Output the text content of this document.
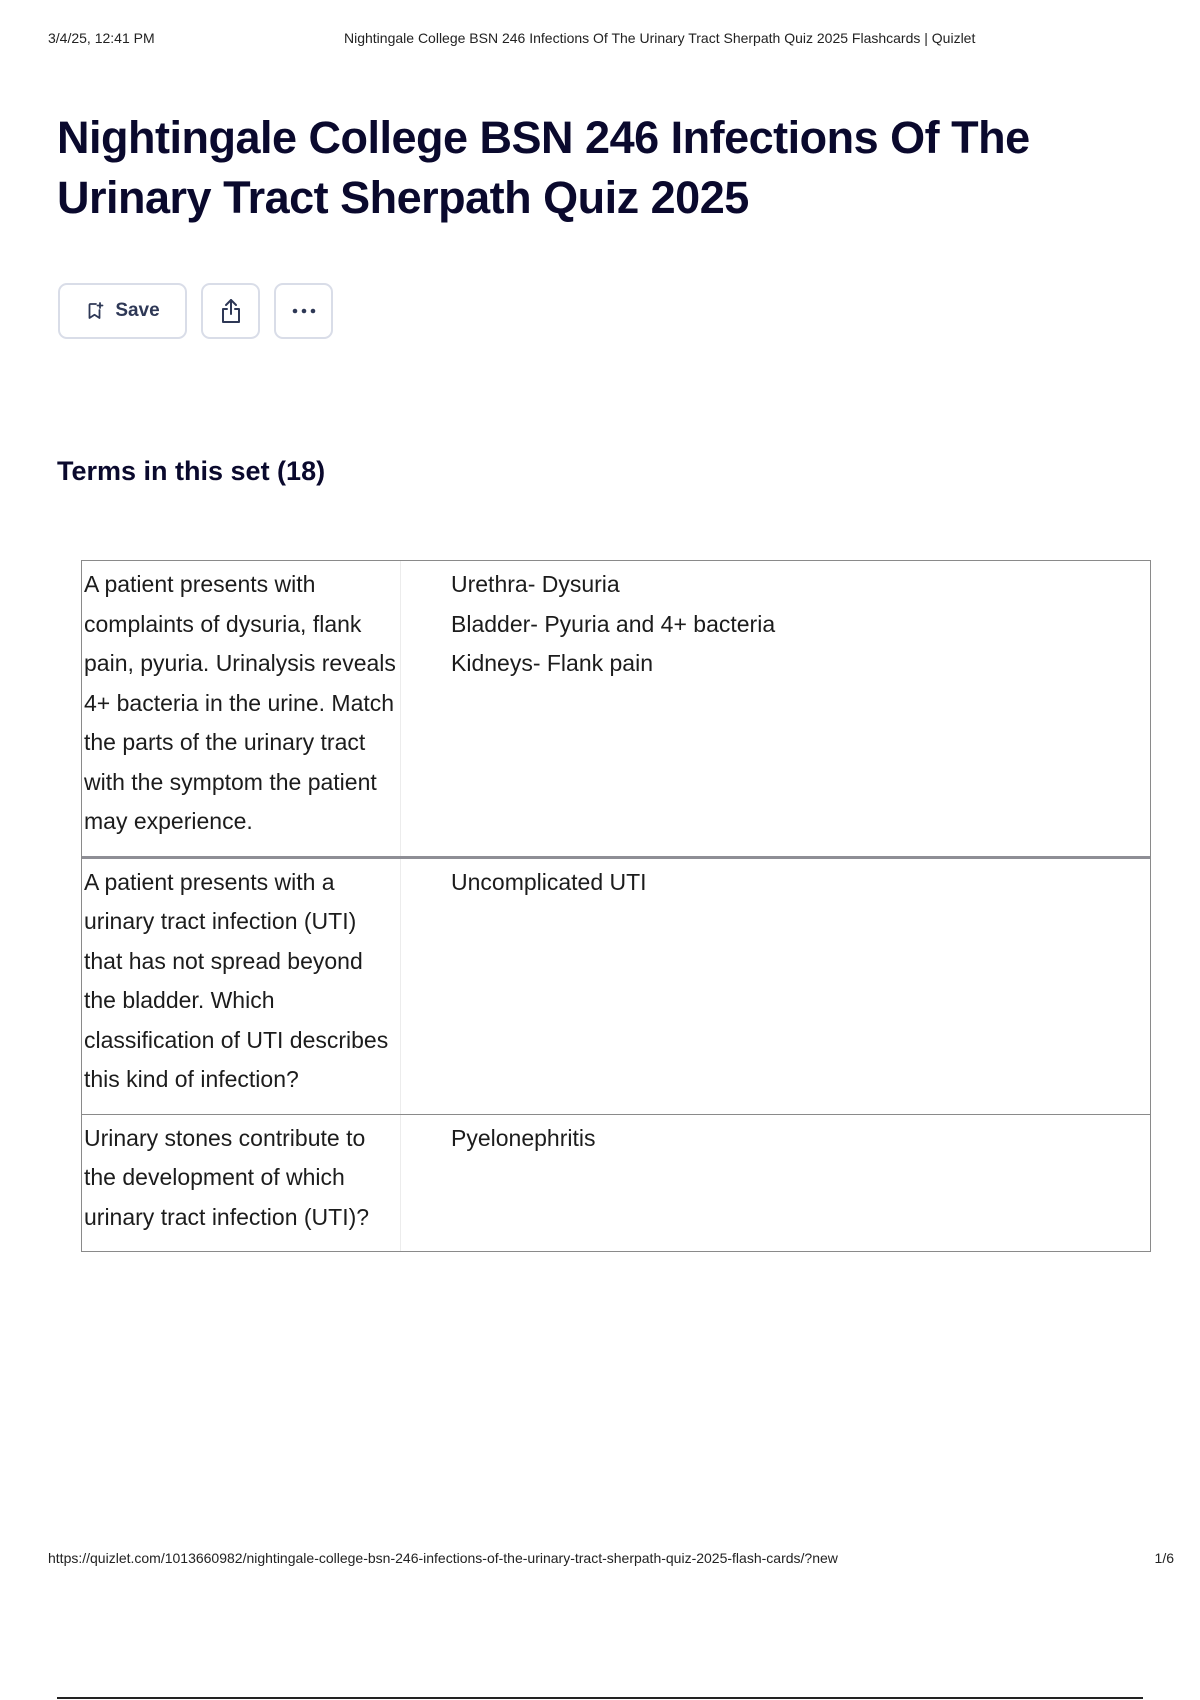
3/4/25, 12:41 PM	Nightingale College BSN 246 Infections Of The Urinary Tract Sherpath Quiz 2025 Flashcards | Quizlet
Nightingale College BSN 246 Infections Of The Urinary Tract Sherpath Quiz 2025
Save
Terms in this set (18)
A patient presents with complaints of dysuria, flank pain, pyuria. Urinalysis reveals 4+ bacteria in the urine. Match the parts of the urinary tract with the symptom the patient may experience.
Urethra- Dysuria
Bladder- Pyuria and 4+ bacteria
Kidneys- Flank pain
A patient presents with a urinary tract infection (UTI) that has not spread beyond the bladder. Which classification of UTI describes this kind of infection?
Uncomplicated UTI
Urinary stones contribute to the development of which urinary tract infection (UTI)?
Pyelonephritis
https://quizlet.com/1013660982/nightingale-college-bsn-246-infections-of-the-urinary-tract-sherpath-quiz-2025-flash-cards/?new	1/6
